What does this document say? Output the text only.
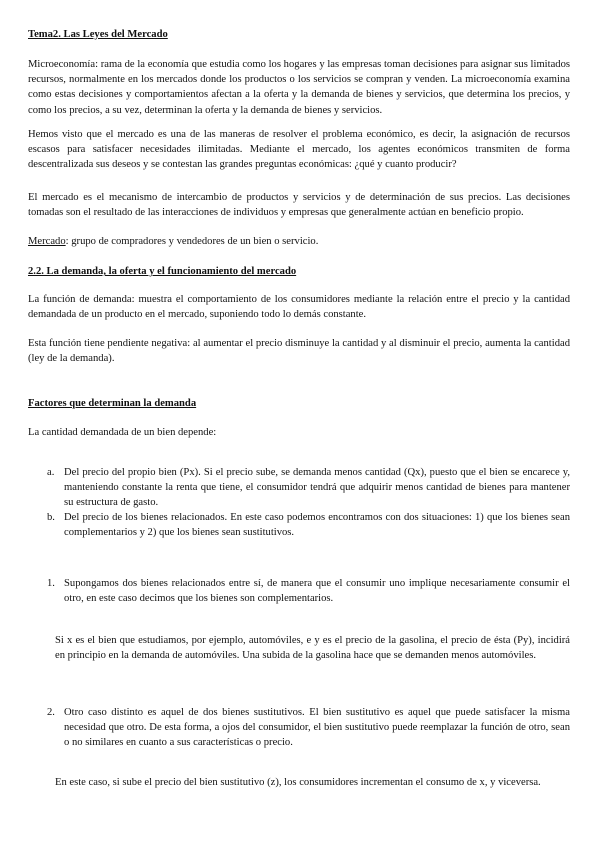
Tema2. Las Leyes del Mercado

Microeconomía: rama de la economía que estudia como los hogares y las empresas toman decisiones para asignar sus limitados recursos, normalmente en los mercados donde los productos o los servicios se compran y venden. La microeconomía examina como estas decisiones y comportamientos afectan a la oferta y la demanda de bienes y servicios, que determina los precios, y como los precios, a su vez, determinan la oferta y la demanda de bienes y servicios.

Hemos visto que el mercado es una de las maneras de resolver el problema económico, es decir, la asignación de recursos escasos para satisfacer necesidades ilimitadas. Mediante el mercado, los agentes económicos transmiten de forma descentralizada sus deseos y se contestan las grandes preguntas económicas: ¿qué y cuanto producir?

El mercado es el mecanismo de intercambio de productos y servicios y de determinación de sus precios. Las decisiones tomadas son el resultado de las interacciones de individuos y empresas que generalmente actúan en beneficio propio.

Mercado: grupo de compradores y vendedores de un bien o servicio.

2.2. La demanda, la oferta y el funcionamiento del mercado

La función de demanda: muestra el comportamiento de los consumidores mediante la relación entre el precio y la cantidad demandada de un producto en el mercado, suponiendo todo lo demás constante.

Esta función tiene pendiente negativa: al aumentar el precio disminuye la cantidad y al disminuir el precio, aumenta la cantidad (ley de la demanda).

Factores que determinan la demanda

La cantidad demandada de un bien depende:

a. Del precio del propio bien (Px). Si el precio sube, se demanda menos cantidad (Qx), puesto que el bien se encarece y, manteniendo constante la renta que tiene, el consumidor tendrá que adquirir menos cantidad de bienes para mantener su estructura de gasto.

b. Del precio de los bienes relacionados. En este caso podemos encontramos con dos situaciones: 1) que los bienes sean complementarios y 2) que los bienes sean sustitutivos.

1. Supongamos dos bienes relacionados entre sí, de manera que el consumir uno implique necesariamente consumir el otro, en este caso decimos que los bienes son complementarios.

Si x es el bien que estudiamos, por ejemplo, automóviles, e y es el precio de la gasolina, el precio de ésta (Py), incidirá en principio en la demanda de automóviles. Una subida de la gasolina hace que se demanden menos automóviles.

2. Otro caso distinto es aquel de dos bienes sustitutivos. El bien sustitutivo es aquel que puede satisfacer la misma necesidad que otro. De esta forma, a ojos del consumidor, el bien sustitutivo puede reemplazar la función de otro, sean o no similares en cuanto a sus características o precio.

En este caso, si sube el precio del bien sustitutivo (z), los consumidores incrementan el consumo de x, y viceversa.
